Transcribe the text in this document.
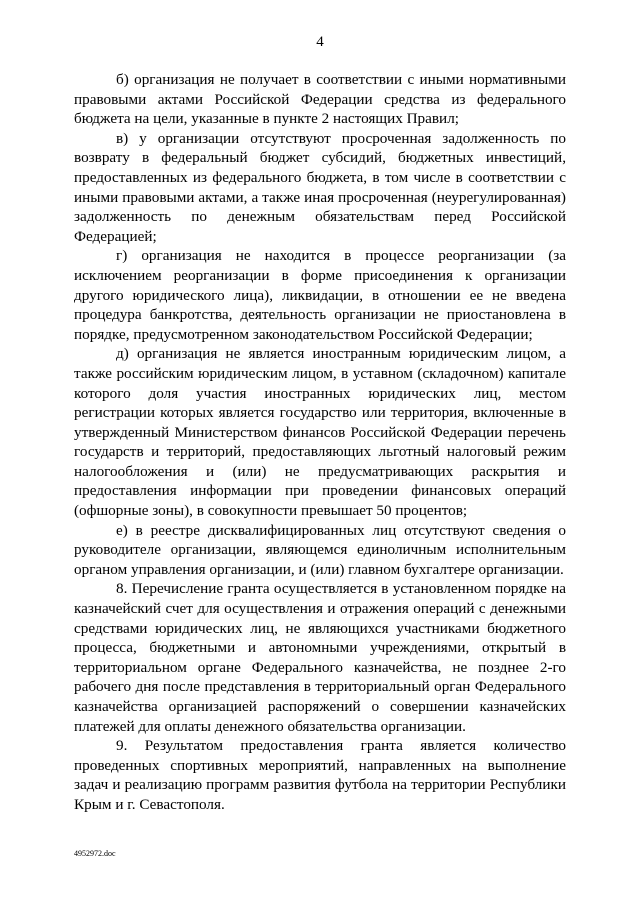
4

б) организация не получает в соответствии с иными нормативными правовыми актами Российской Федерации средства из федерального бюджета на цели, указанные в пункте 2 настоящих Правил;

в) у организации отсутствуют просроченная задолженность по возврату в федеральный бюджет субсидий, бюджетных инвестиций, предоставленных из федерального бюджета, в том числе в соответствии с иными правовыми актами, а также иная просроченная (неурегулированная) задолженность по денежным обязательствам перед Российской Федерацией;

г) организация не находится в процессе реорганизации (за исключением реорганизации в форме присоединения к организации другого юридического лица), ликвидации, в отношении ее не введена процедура банкротства, деятельность организации не приостановлена в порядке, предусмотренном законодательством Российской Федерации;

д) организация не является иностранным юридическим лицом, а также российским юридическим лицом, в уставном (складочном) капитале которого доля участия иностранных юридических лиц, местом регистрации которых является государство или территория, включенные в утвержденный Министерством финансов Российской Федерации перечень государств и территорий, предоставляющих льготный налоговый режим налогообложения и (или) не предусматривающих раскрытия и предоставления информации при проведении финансовых операций (офшорные зоны), в совокупности превышает 50 процентов;

е) в реестре дисквалифицированных лиц отсутствуют сведения о руководителе организации, являющемся единоличным исполнительным органом управления организации, и (или) главном бухгалтере организации.

8. Перечисление гранта осуществляется в установленном порядке на казначейский счет для осуществления и отражения операций с денежными средствами юридических лиц, не являющихся участниками бюджетного процесса, бюджетными и автономными учреждениями, открытый в территориальном органе Федерального казначейства, не позднее 2-го рабочего дня после представления в территориальный орган Федерального казначейства организацией распоряжений о совершении казначейских платежей для оплаты денежного обязательства организации.

9. Результатом предоставления гранта является количество проведенных спортивных мероприятий, направленных на выполнение задач и реализацию программ развития футбола на территории Республики Крым и г. Севастополя.

4952972.doc
